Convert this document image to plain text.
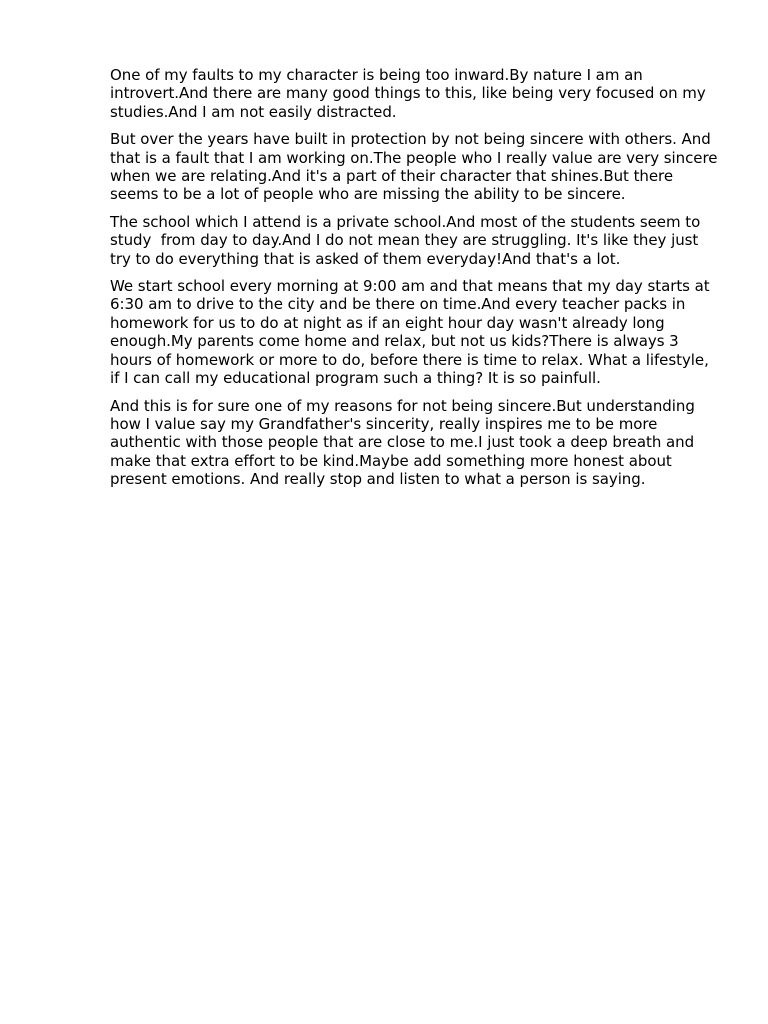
One of my faults to my character is being too inward.By nature I am an introvert.And there are many good things to this, like being very focused on my studies.And I am not easily distracted.

But over the years have built in protection by not being sincere with others. And that is a fault that I am working on.The people who I really value are very sincere when we are relating.And it's a part of their character that shines.But there seems to be a lot of people who are missing the ability to be sincere.

The school which I attend is a private school.And most of the students seem to study  from day to day.And I do not mean they are struggling. It's like they just try to do everything that is asked of them everyday!And that's a lot.

We start school every morning at 9:00 am and that means that my day starts at 6:30 am to drive to the city and be there on time.And every teacher packs in homework for us to do at night as if an eight hour day wasn't already long enough.My parents come home and relax, but not us kids?There is always 3 hours of homework or more to do, before there is time to relax. What a lifestyle, if I can call my educational program such a thing? It is so painfull.

And this is for sure one of my reasons for not being sincere.But understanding how I value say my Grandfather's sincerity, really inspires me to be more authentic with those people that are close to me.I just took a deep breath and make that extra effort to be kind.Maybe add something more honest about present emotions. And really stop and listen to what a person is saying.
